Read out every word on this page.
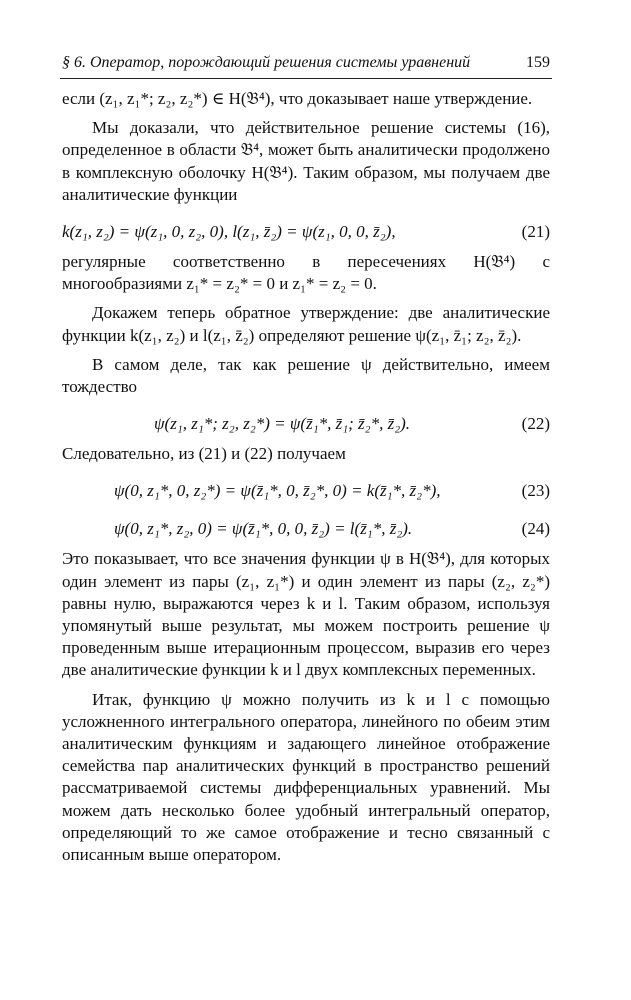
§ 6. Оператор, порождающий решения системы уравнений	159

если (z₁, z₁*; z₂, z₂*) ∈ H(𝔅⁴), что доказывает наше утверждение.

Мы доказали, что действительное решение системы (16), определенное в области 𝔅⁴, может быть аналитически продолжено в комплексную оболочку H(𝔅⁴). Таким образом, мы получаем две аналитические функции

k(z₁, z₂) = ψ(z₁, 0, z₂, 0), l(z₁, z̄₂) = ψ(z₁, 0, 0, z̄₂),	(21)

регулярные соответственно в пересечениях H(𝔅⁴) с многообразиями z₁* = z₂* = 0 и z₁* = z₂ = 0.

Докажем теперь обратное утверждение: две аналитические функции k(z₁, z₂) и l(z₁, z̄₂) определяют решение ψ(z₁, z̄₁; z₂, z̄₂).

В самом деле, так как решение ψ действительно, имеем тождество

ψ(z₁, z₁*; z₂, z₂*) = ψ(z̄₁*, z̄₁; z̄₂*, z̄₂).	(22)

Следовательно, из (21) и (22) получаем

ψ(0, z₁*, 0, z₂*) = ψ(z̄₁*, 0, z̄₂*, 0) = k(z̄₁*, z̄₂*),	(23)
ψ(0, z₁*, z₂, 0) = ψ(z̄₁*, 0, 0, z̄₂) = l(z̄₁*, z̄₂).	(24)

Это показывает, что все значения функции ψ в H(𝔅⁴), для которых один элемент из пары (z₁, z₁*) и один элемент из пары (z₂, z₂*) равны нулю, выражаются через k и l. Таким образом, используя упомянутый выше результат, мы можем построить решение ψ проведенным выше итерационным процессом, выразив его через две аналитические функции k и l двух комплексных переменных.

Итак, функцию ψ можно получить из k и l с помощью усложненного интегрального оператора, линейного по обеим этим аналитическим функциям и задающего линейное отображение семейства пар аналитических функций в пространство решений рассматриваемой системы дифференциальных уравнений. Мы можем дать несколько более удобный интегральный оператор, определяющий то же самое отображение и тесно связанный с описанным выше оператором.
